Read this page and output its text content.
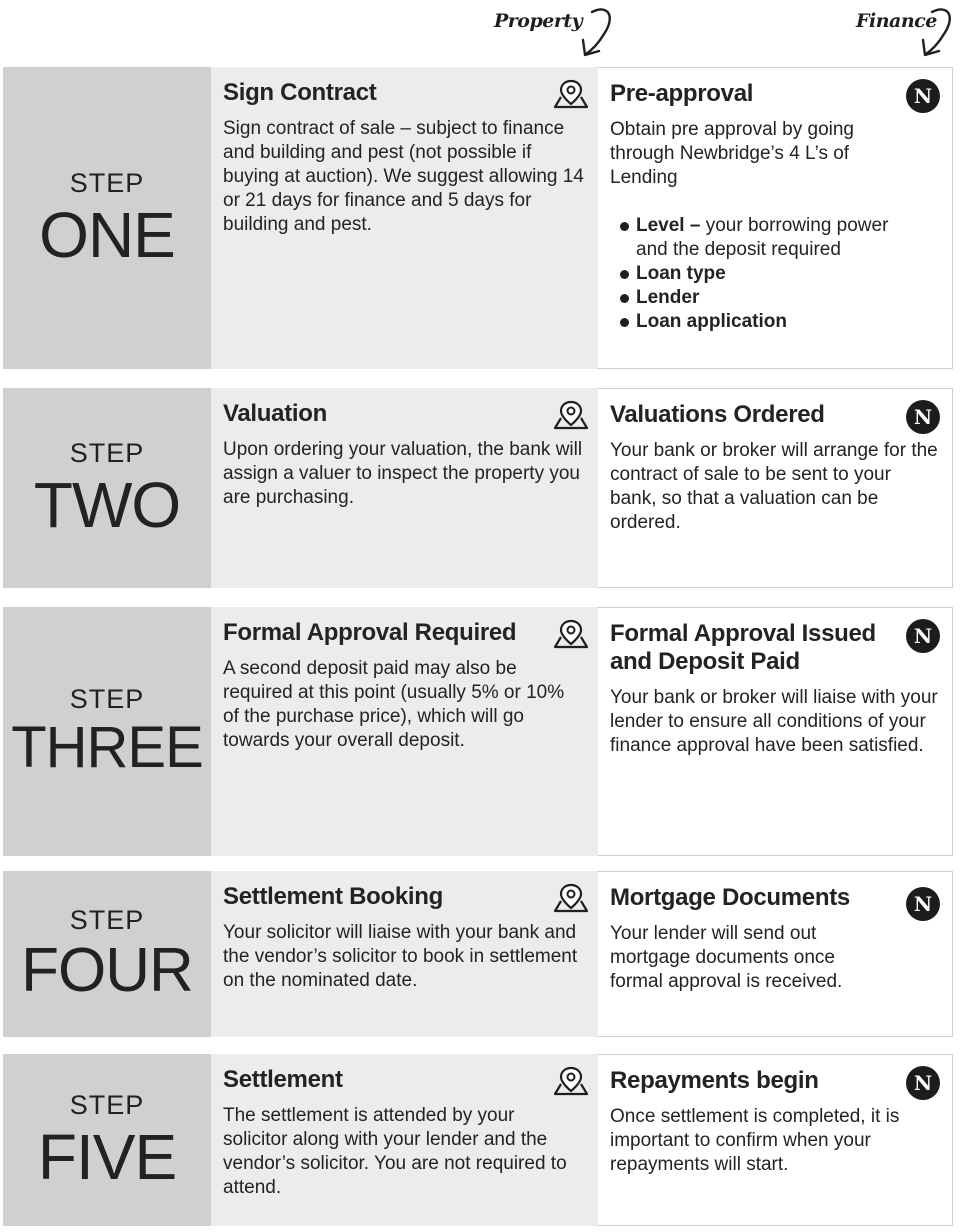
Property	Finance
STEP
ONE
Sign Contract
Sign contract of sale – subject to finance and building and pest (not possible if buying at auction). We suggest allowing 14 or 21 days for finance and 5 days for building and pest.
Pre-approval	N
Obtain pre approval by going through Newbridge’s 4 L’s of Lending
Level – your borrowing power and the deposit required
Loan type
Lender
Loan application
STEP
TWO
Valuation
Upon ordering your valuation, the bank will assign a valuer to inspect the property you are purchasing.
Valuations Ordered	N
Your bank or broker will arrange for the contract of sale to be sent to your bank, so that a valuation can be ordered.
STEP
THREE
Formal Approval Required
A second deposit paid may also be required at this point (usually 5% or 10% of the purchase price), which will go towards your overall deposit.
Formal Approval Issued
and Deposit Paid
N
Your bank or broker will liaise with your lender to ensure all conditions of your finance approval have been satisfied.
STEP
FOUR
Settlement Booking
Your solicitor will liaise with your bank and the vendor’s solicitor to book in settlement on the nominated date.
Mortgage Documents	N
Your lender will send out mortgage documents once formal approval is received.
STEP
FIVE
Settlement
The settlement is attended by your solicitor along with your lender and the vendor’s solicitor. You are not required to attend.
Repayments begin	N
Once settlement is completed, it is important to confirm when your repayments will start.
